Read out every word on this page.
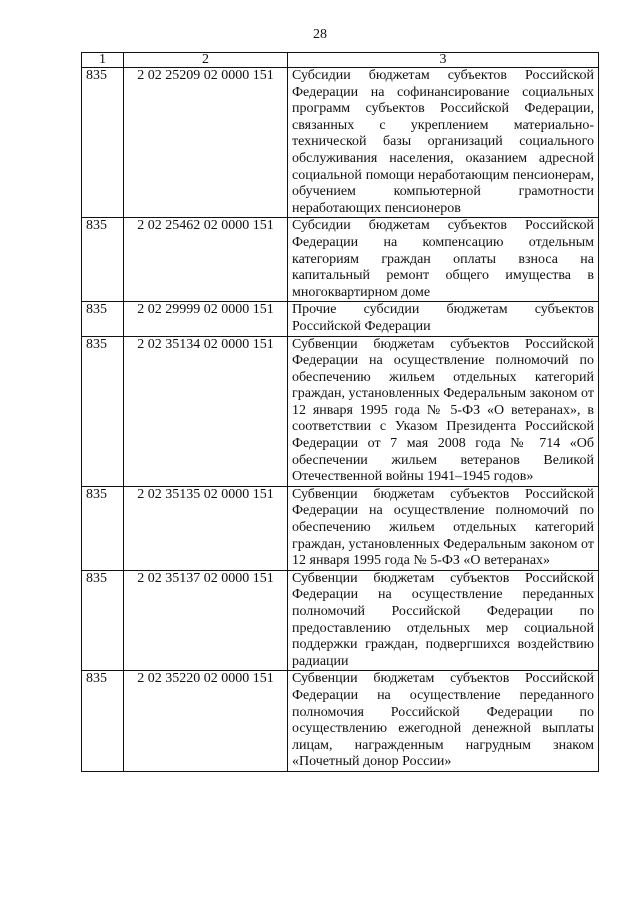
28
1	2	3
835	2 02 25209 02 0000 151	Субсидии бюджетам субъектов Российской Федерации на софинансирование социальных программ субъектов Российской Федерации, связанных с укреплением материально-технической базы организаций социального обслуживания населения, оказанием адресной социальной помощи неработающим пенсионерам, обучением компьютерной грамотности неработающих пенсионеров
835	2 02 25462 02 0000 151	Субсидии бюджетам субъектов Российской Федерации на компенсацию отдельным категориям граждан оплаты взноса на капитальный ремонт общего имущества в многоквартирном доме
835	2 02 29999 02 0000 151	Прочие субсидии бюджетам субъектов Российской Федерации
835	2 02 35134 02 0000 151	Субвенции бюджетам субъектов Российской Федерации на осуществление полномочий по обеспечению жильем отдельных категорий граждан, установленных Федеральным законом от 12 января 1995 года № 5-ФЗ «О ветеранах», в соответствии с Указом Президента Российской Федерации от 7 мая 2008 года № 714 «Об обеспечении жильем ветеранов Великой Отечественной войны 1941–1945 годов»
835	2 02 35135 02 0000 151	Субвенции бюджетам субъектов Российской Федерации на осуществление полномочий по обеспечению жильем отдельных категорий граждан, установленных Федеральным законом от 12 января 1995 года № 5-ФЗ «О ветеранах»
835	2 02 35137 02 0000 151	Субвенции бюджетам субъектов Российской Федерации на осуществление переданных полномочий Российской Федерации по предоставлению отдельных мер социальной поддержки граждан, подвергшихся воздействию радиации
835	2 02 35220 02 0000 151	Субвенции бюджетам субъектов Российской Федерации на осуществление переданного полномочия Российской Федерации по осуществлению ежегодной денежной выплаты лицам, награжденным нагрудным знаком «Почетный донор России»
